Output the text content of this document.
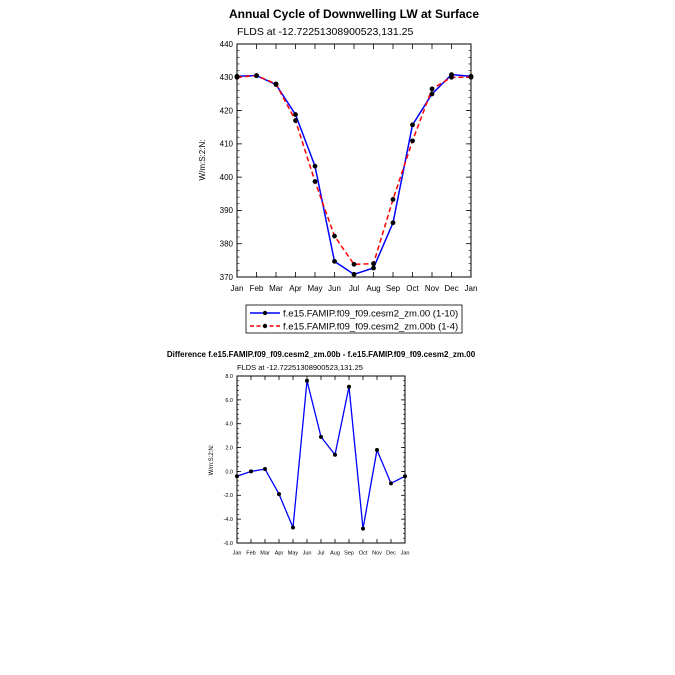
Annual Cycle of Downwelling LW at Surface
FLDS at -12.72251308900523,131.25
W/m:S:2:N:
370
380
390
400
410
420
430
440
Jan Feb Mar Apr May Jun Jul Aug Sep Oct Nov Dec Jan
f.e15.FAMIP.f09_f09.cesm2_zm.00 (1-10)
f.e15.FAMIP.f09_f09.cesm2_zm.00b (1-4)
Difference f.e15.FAMIP.f09_f09.cesm2_zm.00b - f.e15.FAMIP.f09_f09.cesm2_zm.00
FLDS at -12.72251308900523,131.25
W/m:S:2:N:
-6.0
-4.0
-2.0
0.0
2.0
4.0
6.0
8.0
Jan Feb Mar Apr May Jun Jul Aug Sep Oct Nov Dec Jan
